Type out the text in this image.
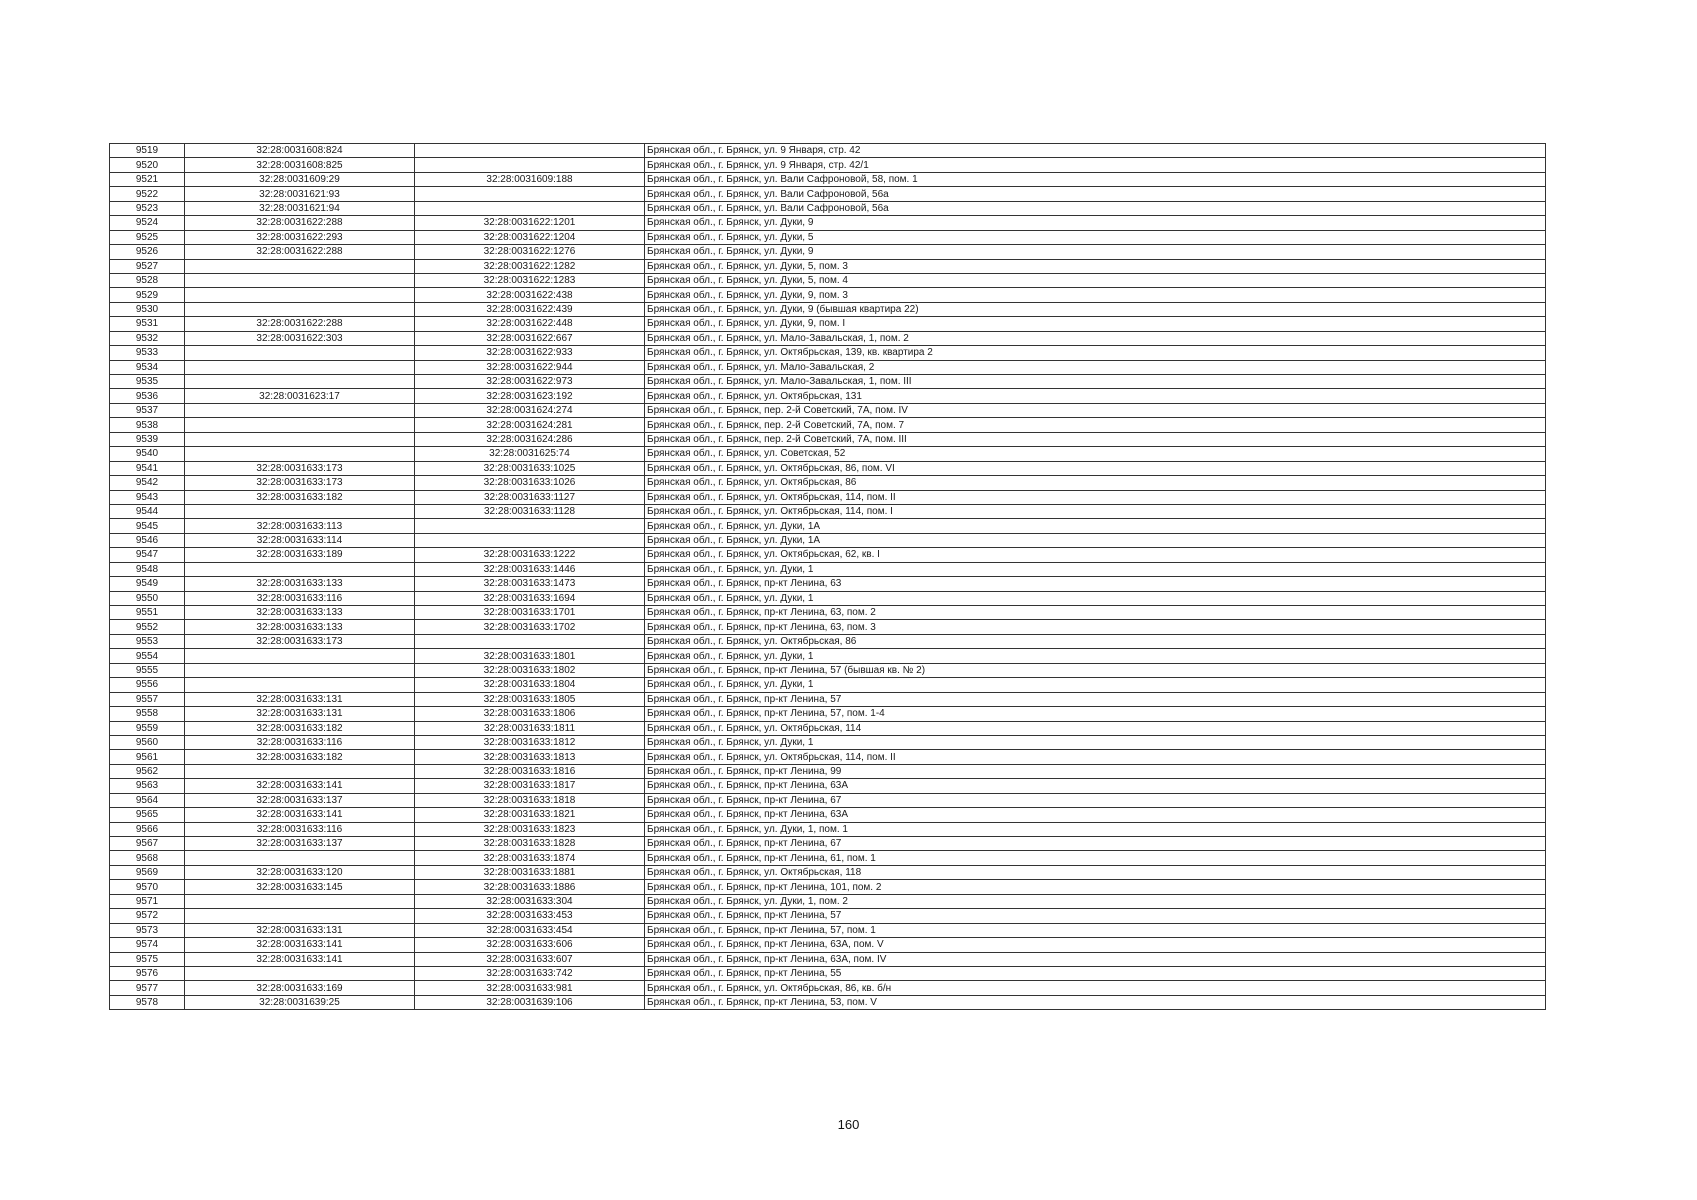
9519	32:28:0031608:824		Брянская обл., г. Брянск, ул. 9 Января, стр. 42
9520	32:28:0031608:825		Брянская обл., г. Брянск, ул. 9 Января, стр. 42/1
9521	32:28:0031609:29	32:28:0031609:188	Брянская обл., г. Брянск, ул. Вали Сафроновой, 58, пом. 1
9522	32:28:0031621:93		Брянская обл., г. Брянск, ул. Вали Сафроновой, 56а
9523	32:28:0031621:94		Брянская обл., г. Брянск, ул. Вали Сафроновой, 56а
9524	32:28:0031622:288	32:28:0031622:1201	Брянская обл., г. Брянск, ул. Дуки, 9
9525	32:28:0031622:293	32:28:0031622:1204	Брянская обл., г. Брянск, ул. Дуки, 5
9526	32:28:0031622:288	32:28:0031622:1276	Брянская обл., г. Брянск, ул. Дуки, 9
9527		32:28:0031622:1282	Брянская обл., г. Брянск, ул. Дуки, 5, пом. 3
9528		32:28:0031622:1283	Брянская обл., г. Брянск, ул. Дуки, 5, пом. 4
9529		32:28:0031622:438	Брянская обл., г. Брянск, ул. Дуки, 9, пом. 3
9530		32:28:0031622:439	Брянская обл., г. Брянск, ул. Дуки, 9 (бывшая квартира 22)
9531	32:28:0031622:288	32:28:0031622:448	Брянская обл., г. Брянск, ул. Дуки, 9, пом. I
9532	32:28:0031622:303	32:28:0031622:667	Брянская обл., г. Брянск, ул. Мало-Завальская, 1, пом. 2
9533		32:28:0031622:933	Брянская обл., г. Брянск, ул. Октябрьская, 139, кв. квартира 2
9534		32:28:0031622:944	Брянская обл., г. Брянск, ул. Мало-Завальская, 2
9535		32:28:0031622:973	Брянская обл., г. Брянск, ул. Мало-Завальская, 1, пом. III
9536	32:28:0031623:17	32:28:0031623:192	Брянская обл., г. Брянск, ул. Октябрьская, 131
9537		32:28:0031624:274	Брянская обл., г. Брянск, пер. 2-й Советский, 7А, пом. IV
9538		32:28:0031624:281	Брянская обл., г. Брянск, пер. 2-й Советский, 7А, пом. 7
9539		32:28:0031624:286	Брянская обл., г. Брянск, пер. 2-й Советский, 7А, пом. III
9540		32:28:0031625:74	Брянская обл., г. Брянск, ул. Советская, 52
9541	32:28:0031633:173	32:28:0031633:1025	Брянская обл., г. Брянск, ул. Октябрьская, 86, пом. VI
9542	32:28:0031633:173	32:28:0031633:1026	Брянская обл., г. Брянск, ул. Октябрьская, 86
9543	32:28:0031633:182	32:28:0031633:1127	Брянская обл., г. Брянск, ул. Октябрьская, 114, пом. II
9544		32:28:0031633:1128	Брянская обл., г. Брянск, ул. Октябрьская, 114, пом. I
9545	32:28:0031633:113		Брянская обл., г. Брянск, ул. Дуки, 1А
9546	32:28:0031633:114		Брянская обл., г. Брянск, ул. Дуки, 1А
9547	32:28:0031633:189	32:28:0031633:1222	Брянская обл., г. Брянск, ул. Октябрьская, 62, кв. I
9548		32:28:0031633:1446	Брянская обл., г. Брянск, ул. Дуки, 1
9549	32:28:0031633:133	32:28:0031633:1473	Брянская обл., г. Брянск, пр-кт Ленина, 63
9550	32:28:0031633:116	32:28:0031633:1694	Брянская обл., г. Брянск, ул. Дуки, 1
9551	32:28:0031633:133	32:28:0031633:1701	Брянская обл., г. Брянск, пр-кт Ленина, 63, пом. 2
9552	32:28:0031633:133	32:28:0031633:1702	Брянская обл., г. Брянск, пр-кт Ленина, 63, пом. 3
9553	32:28:0031633:173		Брянская обл., г. Брянск, ул. Октябрьская, 86
9554		32:28:0031633:1801	Брянская обл., г. Брянск, ул. Дуки, 1
9555		32:28:0031633:1802	Брянская обл., г. Брянск, пр-кт Ленина, 57 (бывшая кв. № 2)
9556		32:28:0031633:1804	Брянская обл., г. Брянск, ул. Дуки, 1
9557	32:28:0031633:131	32:28:0031633:1805	Брянская обл., г. Брянск, пр-кт Ленина, 57
9558	32:28:0031633:131	32:28:0031633:1806	Брянская обл., г. Брянск, пр-кт Ленина, 57, пом. 1-4
9559	32:28:0031633:182	32:28:0031633:1811	Брянская обл., г. Брянск, ул. Октябрьская, 114
9560	32:28:0031633:116	32:28:0031633:1812	Брянская обл., г. Брянск, ул. Дуки, 1
9561	32:28:0031633:182	32:28:0031633:1813	Брянская обл., г. Брянск, ул. Октябрьская, 114, пом. II
9562		32:28:0031633:1816	Брянская обл., г. Брянск, пр-кт Ленина, 99
9563	32:28:0031633:141	32:28:0031633:1817	Брянская обл., г. Брянск, пр-кт Ленина, 63А
9564	32:28:0031633:137	32:28:0031633:1818	Брянская обл., г. Брянск, пр-кт Ленина, 67
9565	32:28:0031633:141	32:28:0031633:1821	Брянская обл., г. Брянск, пр-кт Ленина, 63А
9566	32:28:0031633:116	32:28:0031633:1823	Брянская обл., г. Брянск, ул. Дуки, 1, пом. 1
9567	32:28:0031633:137	32:28:0031633:1828	Брянская обл., г. Брянск, пр-кт Ленина, 67
9568		32:28:0031633:1874	Брянская обл., г. Брянск, пр-кт Ленина, 61, пом. 1
9569	32:28:0031633:120	32:28:0031633:1881	Брянская обл., г. Брянск, ул. Октябрьская, 118
9570	32:28:0031633:145	32:28:0031633:1886	Брянская обл., г. Брянск, пр-кт Ленина, 101, пом. 2
9571		32:28:0031633:304	Брянская обл., г. Брянск, ул. Дуки, 1, пом. 2
9572		32:28:0031633:453	Брянская обл., г. Брянск, пр-кт Ленина, 57
9573	32:28:0031633:131	32:28:0031633:454	Брянская обл., г. Брянск, пр-кт Ленина, 57, пом. 1
9574	32:28:0031633:141	32:28:0031633:606	Брянская обл., г. Брянск, пр-кт Ленина, 63А, пом. V
9575	32:28:0031633:141	32:28:0031633:607	Брянская обл., г. Брянск, пр-кт Ленина, 63А, пом. IV
9576		32:28:0031633:742	Брянская обл., г. Брянск, пр-кт Ленина, 55
9577	32:28:0031633:169	32:28:0031633:981	Брянская обл., г. Брянск, ул. Октябрьская, 86, кв. б/н
9578	32:28:0031639:25	32:28:0031639:106	Брянская обл., г. Брянск, пр-кт Ленина, 53, пом. V
160
